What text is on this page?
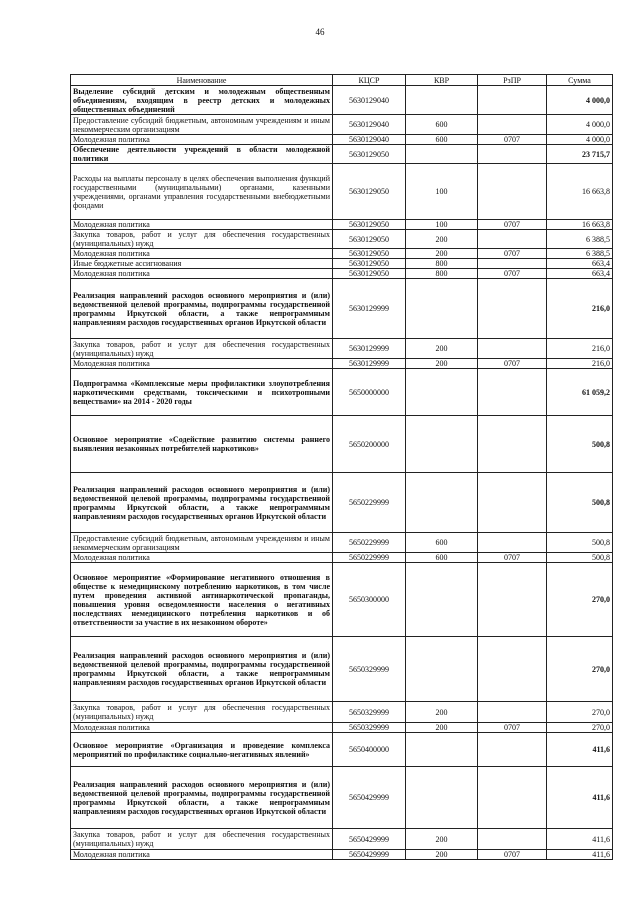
46
Наименование	КЦСР	КВР	РзПР	Сумма
Выделение субсидий детским и молодежным общественным объединениям, входящим в реестр детских и молодежных общественных объединений	5630129040			4 000,0
Предоставление субсидий бюджетным, автономным учреждениям и иным некоммерческим организациям	5630129040	600		4 000,0
Молодежная политика	5630129040	600	0707	4 000,0
Обеспечение деятельности учреждений в области молодежной политики	5630129050			23 715,7
Расходы на выплаты персоналу в целях обеспечения выполнения функций государственными (муниципальными) органами, казенными учреждениями, органами управления государственными внебюджетными фондами	5630129050	100		16 663,8
Молодежная политика	5630129050	100	0707	16 663,8
Закупка товаров, работ и услуг для обеспечения государственных (муниципальных) нужд	5630129050	200		6 388,5
Молодежная политика	5630129050	200	0707	6 388,5
Иные бюджетные ассигнования	5630129050	800		663,4
Молодежная политика	5630129050	800	0707	663,4
Реализация направлений расходов основного мероприятия и (или) ведомственной целевой программы, подпрограммы государственной программы Иркутской области, а также непрограммным направлениям расходов государственных органов Иркутской области	5630129999			216,0
Закупка товаров, работ и услуг для обеспечения государственных (муниципальных) нужд	5630129999	200		216,0
Молодежная политика	5630129999	200	0707	216,0
Подпрограмма «Комплексные меры профилактики злоупотребления наркотическими средствами, токсическими и психотропными веществами» на 2014 - 2020 годы	5650000000			61 059,2
Основное мероприятие «Содействие развитию системы раннего выявления незаконных потребителей наркотиков»	5650200000			500,8
Реализация направлений расходов основного мероприятия и (или) ведомственной целевой программы, подпрограммы государственной программы Иркутской области, а также непрограммным направлениям расходов государственных органов Иркутской области	5650229999			500,8
Предоставление субсидий бюджетным, автономным учреждениям и иным некоммерческим организациям	5650229999	600		500,8
Молодежная политика	5650229999	600	0707	500,8
Основное мероприятие «Формирование негативного отношения в обществе к немедицинскому потреблению наркотиков, в том числе путем проведения активной антинаркотической пропаганды, повышения уровня осведомленности населения о негативных последствиях немедицинского потребления наркотиков и об ответственности за участие в их незаконном обороте»	5650300000			270,0
Реализация направлений расходов основного мероприятия и (или) ведомственной целевой программы, подпрограммы государственной программы Иркутской области, а также непрограммным направлениям расходов государственных органов Иркутской области	5650329999			270,0
Закупка товаров, работ и услуг для обеспечения государственных (муниципальных) нужд	5650329999	200		270,0
Молодежная политика	5650329999	200	0707	270,0
Основное мероприятие «Организация и проведение комплекса мероприятий по профилактике социально-негативных явлений»	5650400000			411,6
Реализация направлений расходов основного мероприятия и (или) ведомственной целевой программы, подпрограммы государственной программы Иркутской области, а также непрограммным направлениям расходов государственных органов Иркутской области	5650429999			411,6
Закупка товаров, работ и услуг для обеспечения государственных (муниципальных) нужд	5650429999	200		411,6
Молодежная политика	5650429999	200	0707	411,6
